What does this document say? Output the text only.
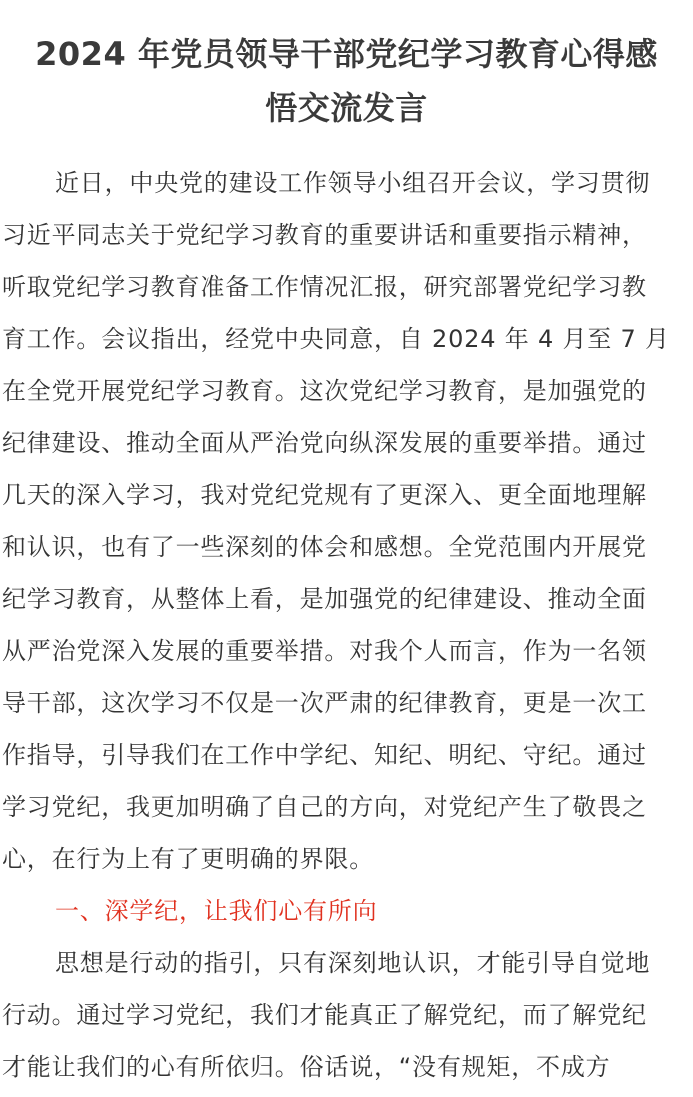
2024 年党员领导干部党纪学习教育心得感
悟交流发言
近日，中央党的建设工作领导小组召开会议，学习贯彻
习近平同志关于党纪学习教育的重要讲话和重要指示精神，
听取党纪学习教育准备工作情况汇报，研究部署党纪学习教
育工作。会议指出，经党中央同意，自 2024 年 4 月至 7 月
在全党开展党纪学习教育。这次党纪学习教育，是加强党的
纪律建设、推动全面从严治党向纵深发展的重要举措。通过
几天的深入学习，我对党纪党规有了更深入、更全面地理解
和认识，也有了一些深刻的体会和感想。全党范围内开展党
纪学习教育，从整体上看，是加强党的纪律建设、推动全面
从严治党深入发展的重要举措。对我个人而言，作为一名领
导干部，这次学习不仅是一次严肃的纪律教育，更是一次工
作指导，引导我们在工作中学纪、知纪、明纪、守纪。通过
学习党纪，我更加明确了自己的方向，对党纪产生了敬畏之
心，在行为上有了更明确的界限。
一、深学纪，让我们心有所向
思想是行动的指引，只有深刻地认识，才能引导自觉地
行动。通过学习党纪，我们才能真正了解党纪，而了解党纪
才能让我们的心有所依归。俗话说，“没有规矩，不成方
